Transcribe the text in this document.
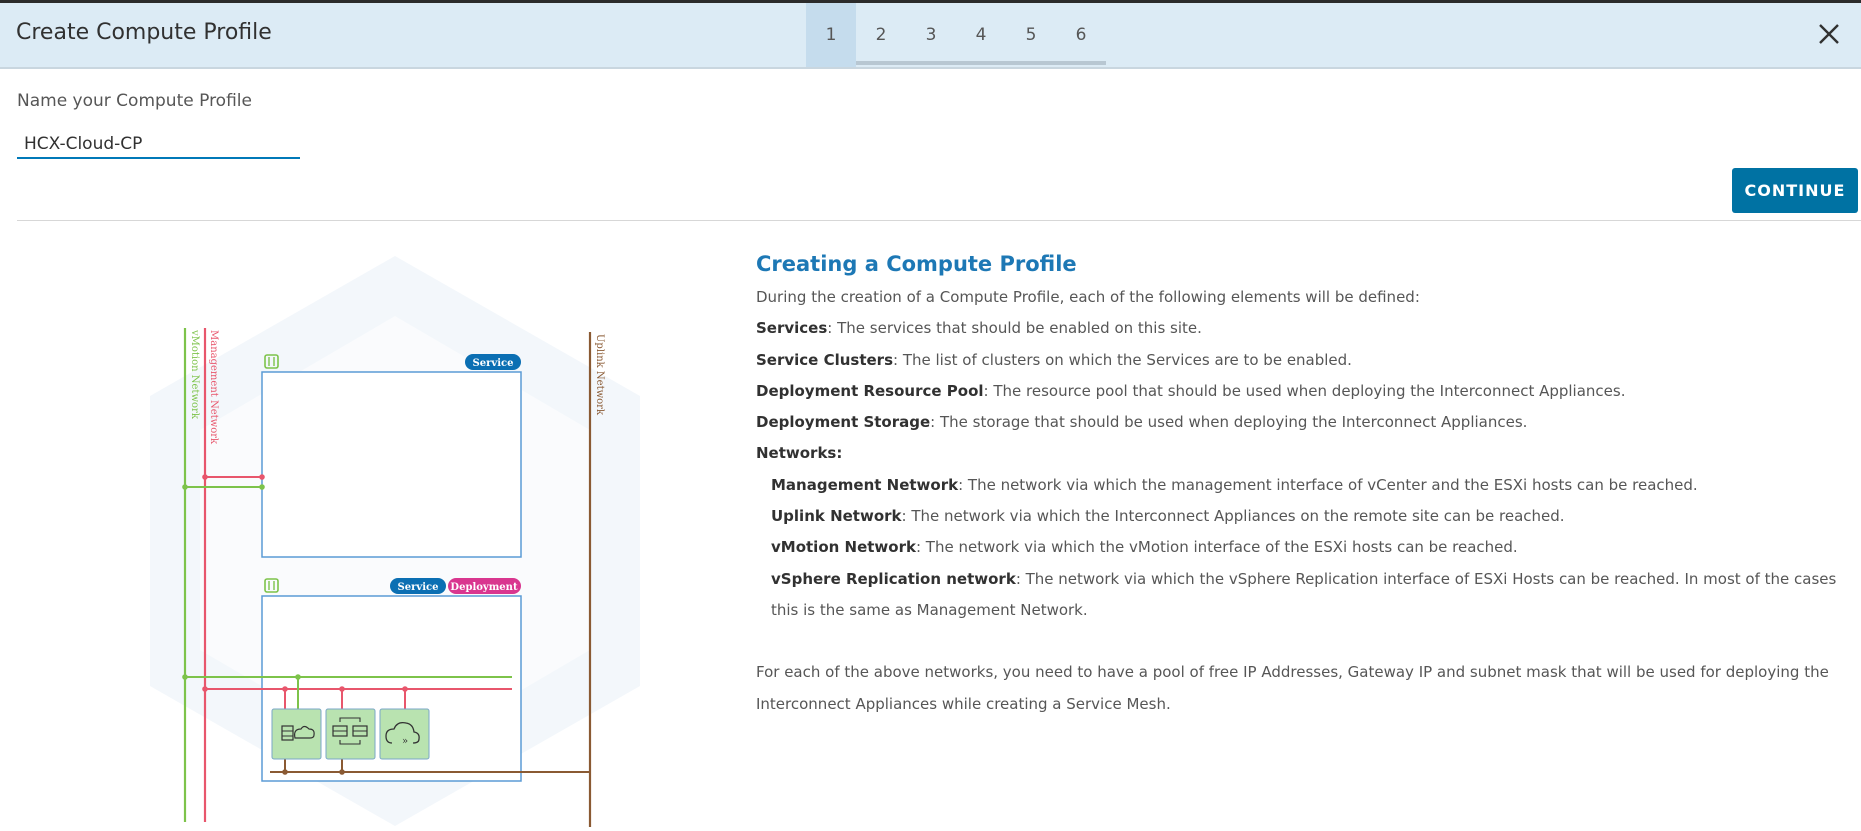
Create Compute Profile	1	2	3	4	5	6
Name your Compute Profile
HCX-Cloud-CP
CONTINUE
vMotion Network Management Network	Uplink Network
Service
Service Deployment
»
Creating a Compute Profile

During the creation of a Compute Profile, each of the following elements will be defined:

Services: The services that should be enabled on this site.

Service Clusters: The list of clusters on which the Services are to be enabled.

Deployment Resource Pool: The resource pool that should be used when deploying the Interconnect Appliances.

Deployment Storage: The storage that should be used when deploying the Interconnect Appliances.

Networks:

Management Network: The network via which the management interface of vCenter and the ESXi hosts can be reached.

Uplink Network: The network via which the Interconnect Appliances on the remote site can be reached.

vMotion Network: The network via which the vMotion interface of the ESXi hosts can be reached.

vSphere Replication network: The network via which the vSphere Replication interface of ESXi Hosts can be reached. In most of the cases this is the same as Management Network.

For each of the above networks, you need to have a pool of free IP Addresses, Gateway IP and subnet mask that will be used for deploying the Interconnect Appliances while creating a Service Mesh.
